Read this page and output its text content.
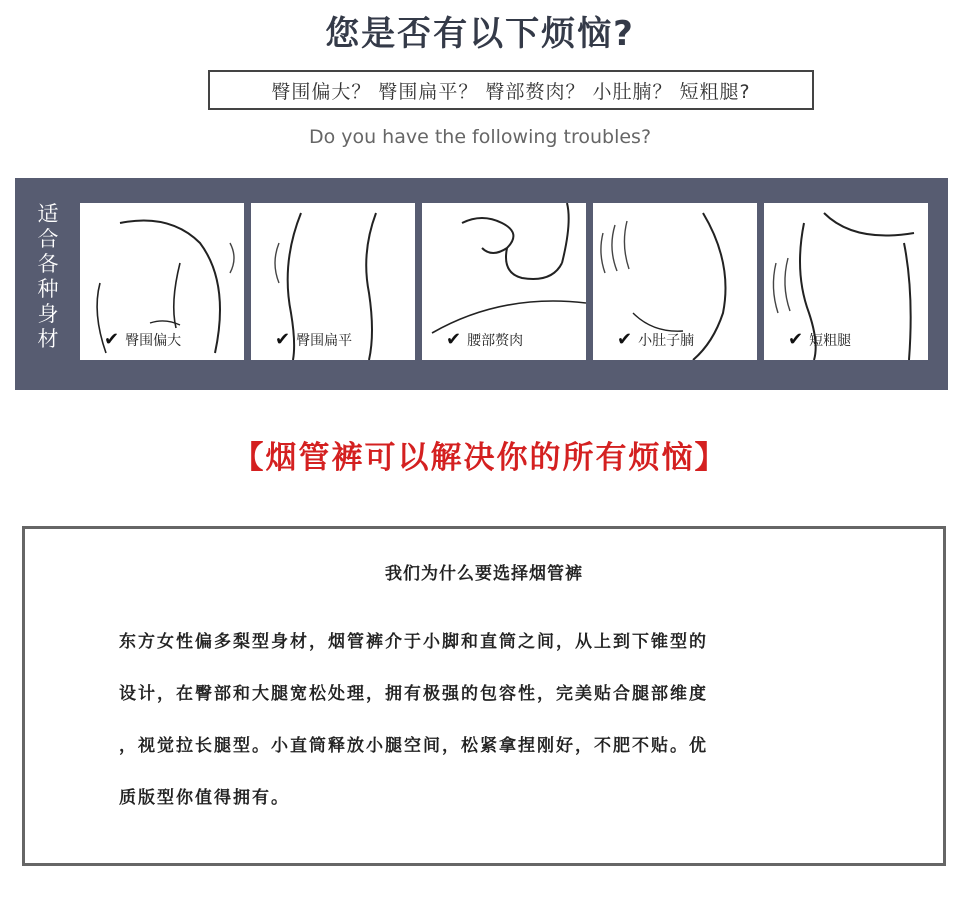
您是否有以下烦恼?
臀围偏大？ 臀围扁平？ 臀部赘肉？ 小肚腩？ 短粗腿?
Do you have the following troubles?
适合各种身材	✔ 臀围偏大	✔ 臀围扁平	✔ 腰部赘肉	✔ 小肚子腩	✔ 短粗腿
【烟管裤可以解决你的所有烦恼】
我们为什么要选择烟管裤
东方女性偏多梨型身材，烟管裤介于小脚和直筒之间，从上到下锥型的
设计，在臀部和大腿宽松处理，拥有极强的包容性，完美贴合腿部维度
，视觉拉长腿型。小直筒释放小腿空间，松紧拿捏刚好，不肥不贴。优
质版型你值得拥有。
